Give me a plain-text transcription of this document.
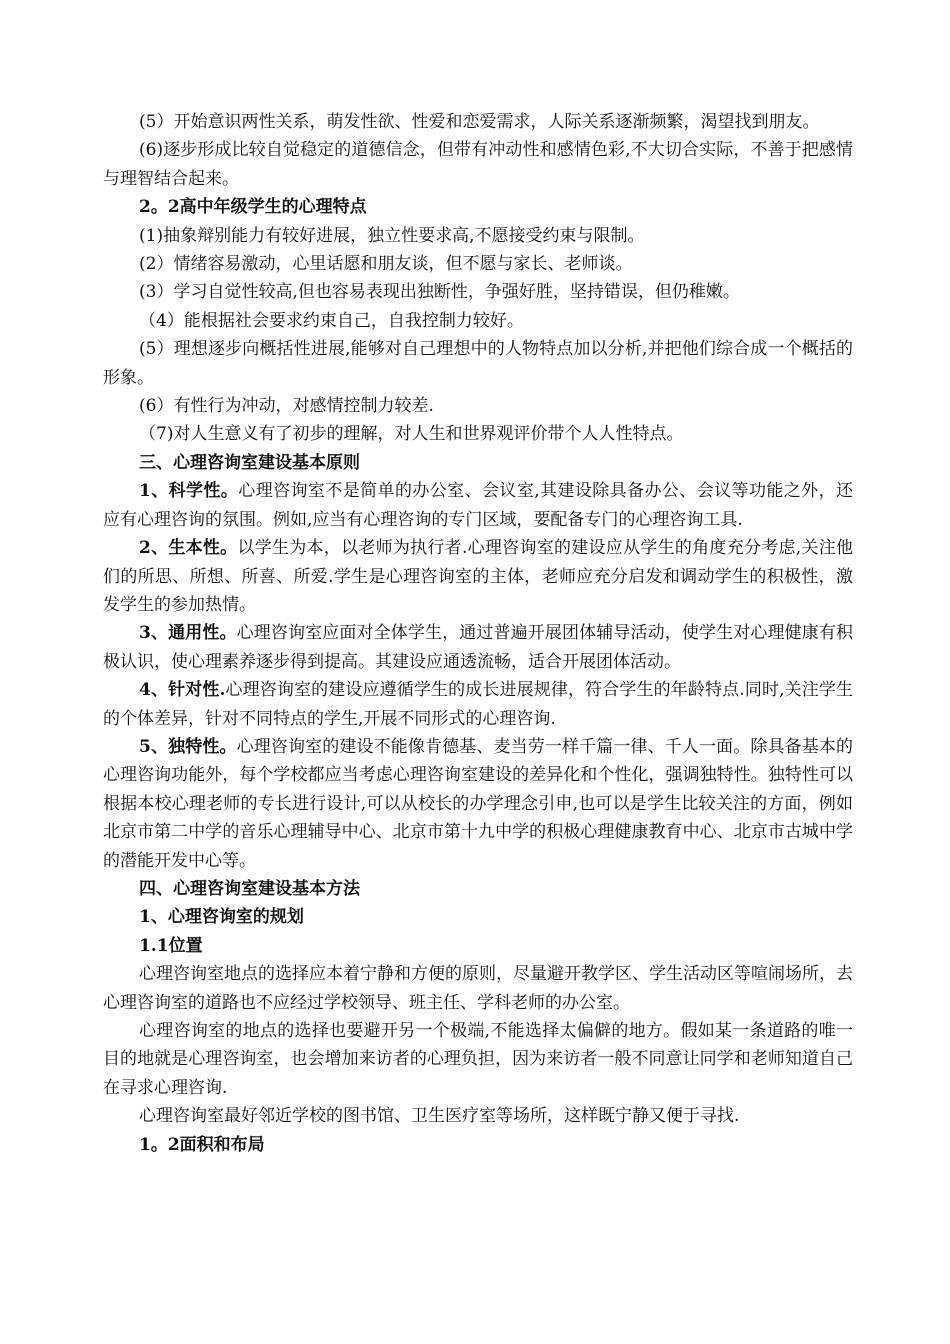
(5）开始意识两性关系，萌发性欲、性爱和恋爱需求，人际关系逐渐频繁，渴望找到朋友。

(6)逐步形成比较自觉稳定的道德信念，但带有冲动性和感情色彩,不大切合实际，不善于把感情与理智结合起来。

2。2高中年级学生的心理特点

(1)抽象辩别能力有较好进展，独立性要求高,不愿接受约束与限制。

(2）情绪容易激动，心里话愿和朋友谈，但不愿与家长、老师谈。

(3）学习自觉性较高,但也容易表现出独断性，争强好胜，坚持错误，但仍稚嫩。

（4）能根据社会要求约束自己，自我控制力较好。

(5）理想逐步向概括性进展,能够对自己理想中的人物特点加以分析,并把他们综合成一个概括的形象。

(6）有性行为冲动，对感情控制力较差.

（7)对人生意义有了初步的理解，对人生和世界观评价带个人人性特点。

三、心理咨询室建设基本原则

1、科学性。心理咨询室不是简单的办公室、会议室,其建设除具备办公、会议等功能之外，还应有心理咨询的氛围。例如,应当有心理咨询的专门区域，要配备专门的心理咨询工具.

2、生本性。以学生为本，以老师为执行者.心理咨询室的建设应从学生的角度充分考虑,关注他们的所思、所想、所喜、所爱.学生是心理咨询室的主体，老师应充分启发和调动学生的积极性，激发学生的参加热情。

3、通用性。心理咨询室应面对全体学生，通过普遍开展团体辅导活动，使学生对心理健康有积极认识，使心理素养逐步得到提高。其建设应通透流畅，适合开展团体活动。

4、针对性.心理咨询室的建设应遵循学生的成长进展规律，符合学生的年龄特点.同时,关注学生的个体差异，针对不同特点的学生,开展不同形式的心理咨询.

5、独特性。心理咨询室的建设不能像肯德基、麦当劳一样千篇一律、千人一面。除具备基本的心理咨询功能外，每个学校都应当考虑心理咨询室建设的差异化和个性化，强调独特性。独特性可以根据本校心理老师的专长进行设计,可以从校长的办学理念引申,也可以是学生比较关注的方面，例如北京市第二中学的音乐心理辅导中心、北京市第十九中学的积极心理健康教育中心、北京市古城中学的潜能开发中心等。

四、心理咨询室建设基本方法

1、心理咨询室的规划

1.1位置

心理咨询室地点的选择应本着宁静和方便的原则，尽量避开教学区、学生活动区等喧闹场所，去心理咨询室的道路也不应经过学校领导、班主任、学科老师的办公室。

心理咨询室的地点的选择也要避开另一个极端,不能选择太偏僻的地方。假如某一条道路的唯一目的地就是心理咨询室，也会增加来访者的心理负担，因为来访者一般不同意让同学和老师知道自己在寻求心理咨询.

心理咨询室最好邻近学校的图书馆、卫生医疗室等场所，这样既宁静又便于寻找.

1。2面积和布局
